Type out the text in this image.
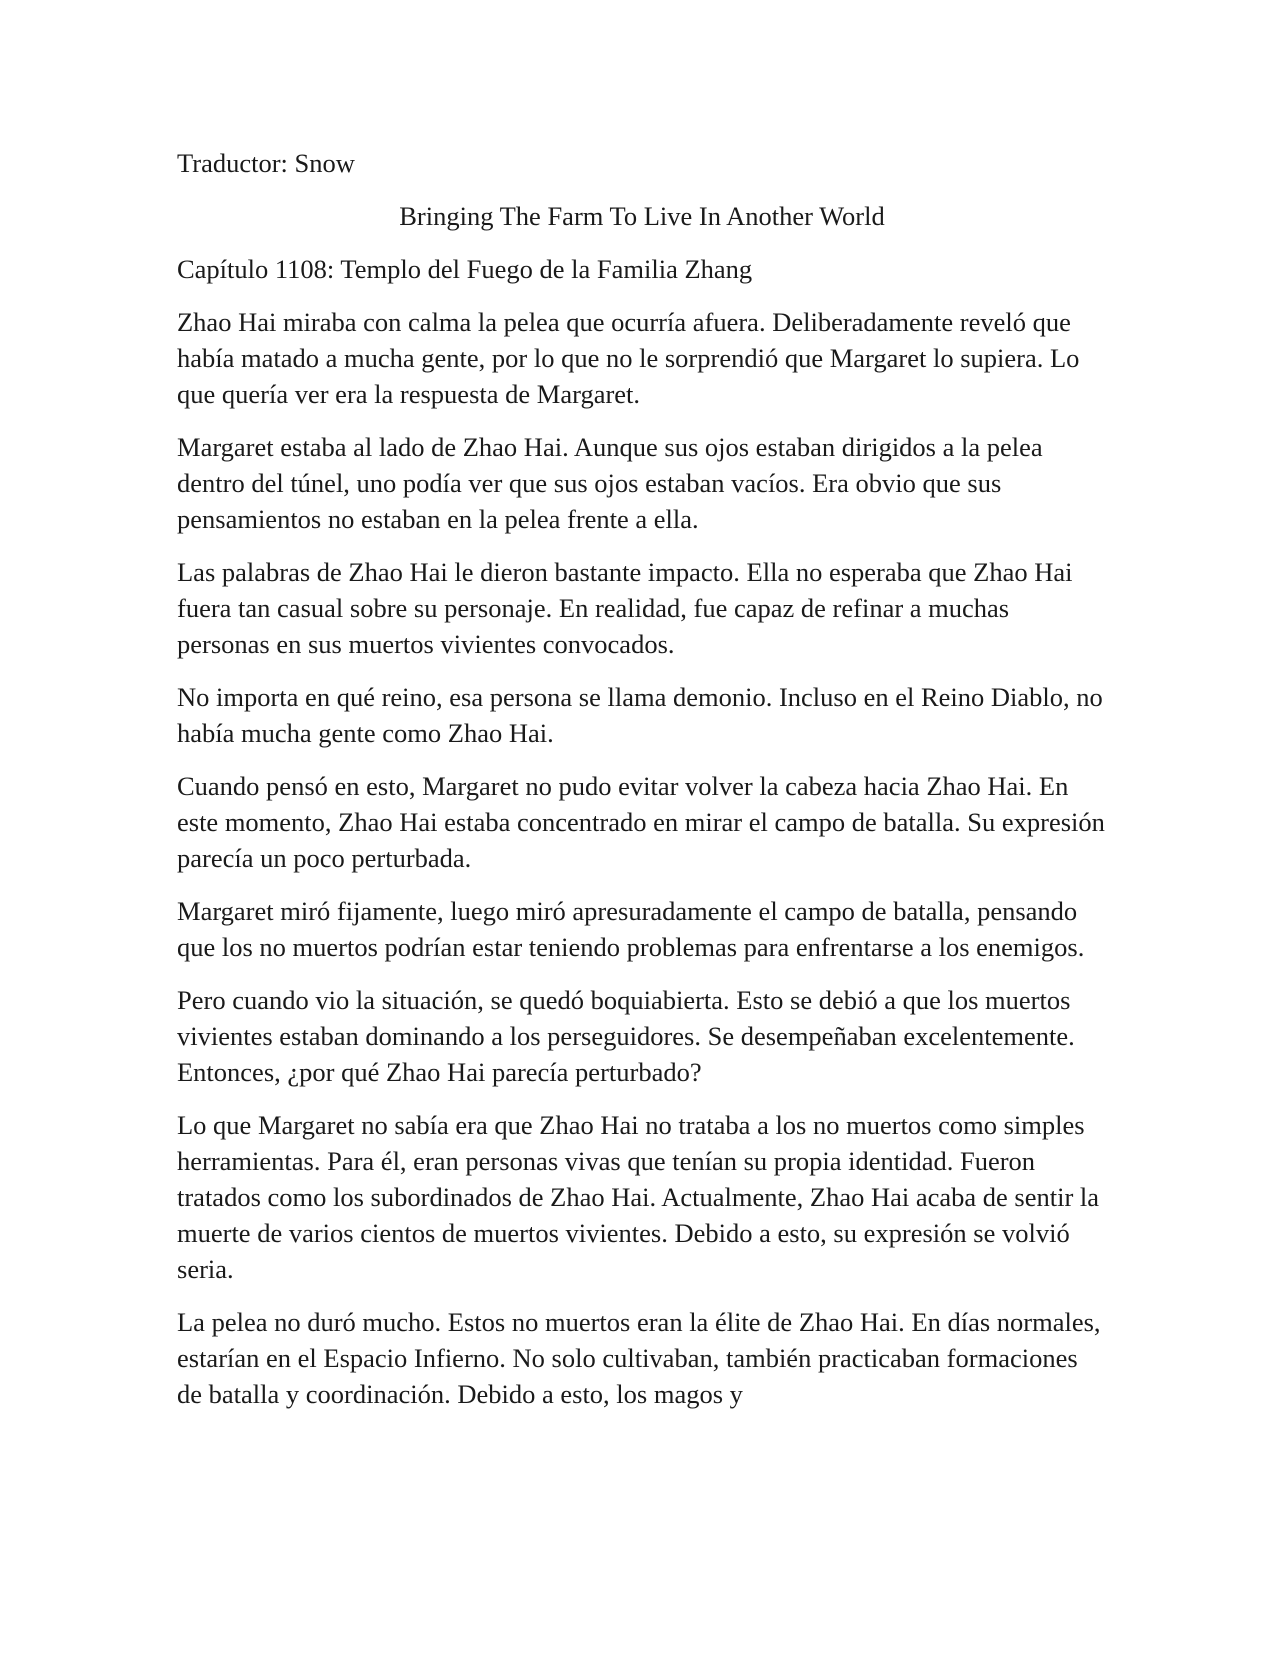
Traductor: Snow

Bringing The Farm To Live In Another World

Capítulo 1108: Templo del Fuego de la Familia Zhang

Zhao Hai miraba con calma la pelea que ocurría afuera. Deliberadamente reveló que había matado a mucha gente, por lo que no le sorprendió que Margaret lo supiera. Lo que quería ver era la respuesta de Margaret.

Margaret estaba al lado de Zhao Hai. Aunque sus ojos estaban dirigidos a la pelea dentro del túnel, uno podía ver que sus ojos estaban vacíos. Era obvio que sus pensamientos no estaban en la pelea frente a ella.

Las palabras de Zhao Hai le dieron bastante impacto. Ella no esperaba que Zhao Hai fuera tan casual sobre su personaje. En realidad, fue capaz de refinar a muchas personas en sus muertos vivientes convocados.

No importa en qué reino, esa persona se llama demonio. Incluso en el Reino Diablo, no había mucha gente como Zhao Hai.

Cuando pensó en esto, Margaret no pudo evitar volver la cabeza hacia Zhao Hai. En este momento, Zhao Hai estaba concentrado en mirar el campo de batalla. Su expresión parecía un poco perturbada.

Margaret miró fijamente, luego miró apresuradamente el campo de batalla, pensando que los no muertos podrían estar teniendo problemas para enfrentarse a los enemigos.

Pero cuando vio la situación, se quedó boquiabierta. Esto se debió a que los muertos vivientes estaban dominando a los perseguidores. Se desempeñaban excelentemente. Entonces, ¿por qué Zhao Hai parecía perturbado?

Lo que Margaret no sabía era que Zhao Hai no trataba a los no muertos como simples herramientas. Para él, eran personas vivas que tenían su propia identidad. Fueron tratados como los subordinados de Zhao Hai. Actualmente, Zhao Hai acaba de sentir la muerte de varios cientos de muertos vivientes. Debido a esto, su expresión se volvió seria.

La pelea no duró mucho. Estos no muertos eran la élite de Zhao Hai. En días normales, estarían en el Espacio Infierno. No solo cultivaban, también practicaban formaciones de batalla y coordinación. Debido a esto, los magos y
